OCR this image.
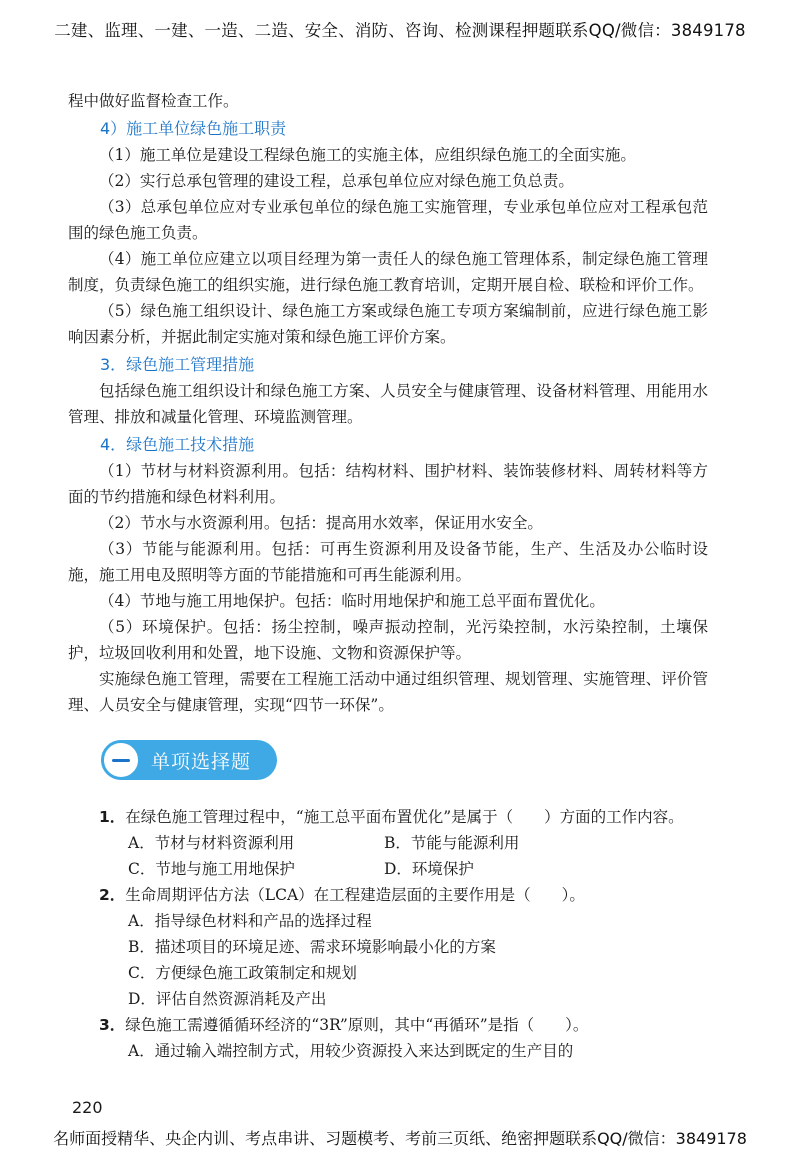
二建、监理、一建、一造、二造、安全、消防、咨询、检测课程押题联系QQ/微信：3849178

程中做好监督检查工作。

4）施工单位绿色施工职责

（1）施工单位是建设工程绿色施工的实施主体，应组织绿色施工的全面实施。

（2）实行总承包管理的建设工程，总承包单位应对绿色施工负总责。

（3）总承包单位应对专业承包单位的绿色施工实施管理，专业承包单位应对工程承包范围的绿色施工负责。

（4）施工单位应建立以项目经理为第一责任人的绿色施工管理体系，制定绿色施工管理制度，负责绿色施工的组织实施，进行绿色施工教育培训，定期开展自检、联检和评价工作。

（5）绿色施工组织设计、绿色施工方案或绿色施工专项方案编制前，应进行绿色施工影响因素分析，并据此制定实施对策和绿色施工评价方案。

3．绿色施工管理措施

包括绿色施工组织设计和绿色施工方案、人员安全与健康管理、设备材料管理、用能用水管理、排放和减量化管理、环境监测管理。

4．绿色施工技术措施

（1）节材与材料资源利用。包括：结构材料、围护材料、装饰装修材料、周转材料等方面的节约措施和绿色材料利用。

（2）节水与水资源利用。包括：提高用水效率，保证用水安全。

（3）节能与能源利用。包括：可再生资源利用及设备节能，生产、生活及办公临时设施，施工用电及照明等方面的节能措施和可再生能源利用。

（4）节地与施工用地保护。包括：临时用地保护和施工总平面布置优化。

（5）环境保护。包括：扬尘控制，噪声振动控制，光污染控制，水污染控制，土壤保护，垃圾回收利用和处置，地下设施、文物和资源保护等。

实施绿色施工管理，需要在工程施工活动中通过组织管理、规划管理、实施管理、评价管理、人员安全与健康管理，实现“四节一环保”。

单项选择题

1．在绿色施工管理过程中，“施工总平面布置优化”是属于（　　）方面的工作内容。

A．节材与材料资源利用	B．节能与能源利用
C．节地与施工用地保护	D．环境保护

2．生命周期评估方法（LCA）在工程建造层面的主要作用是（　　）。

A．指导绿色材料和产品的选择过程
B．描述项目的环境足迹、需求环境影响最小化的方案
C．方便绿色施工政策制定和规划
D．评估自然资源消耗及产出

3．绿色施工需遵循循环经济的“3R”原则，其中“再循环”是指（　　）。

A．通过输入端控制方式，用较少资源投入来达到既定的生产目的
220
名师面授精华、央企内训、考点串讲、习题模考、考前三页纸、绝密押题联系QQ/微信：3849178
